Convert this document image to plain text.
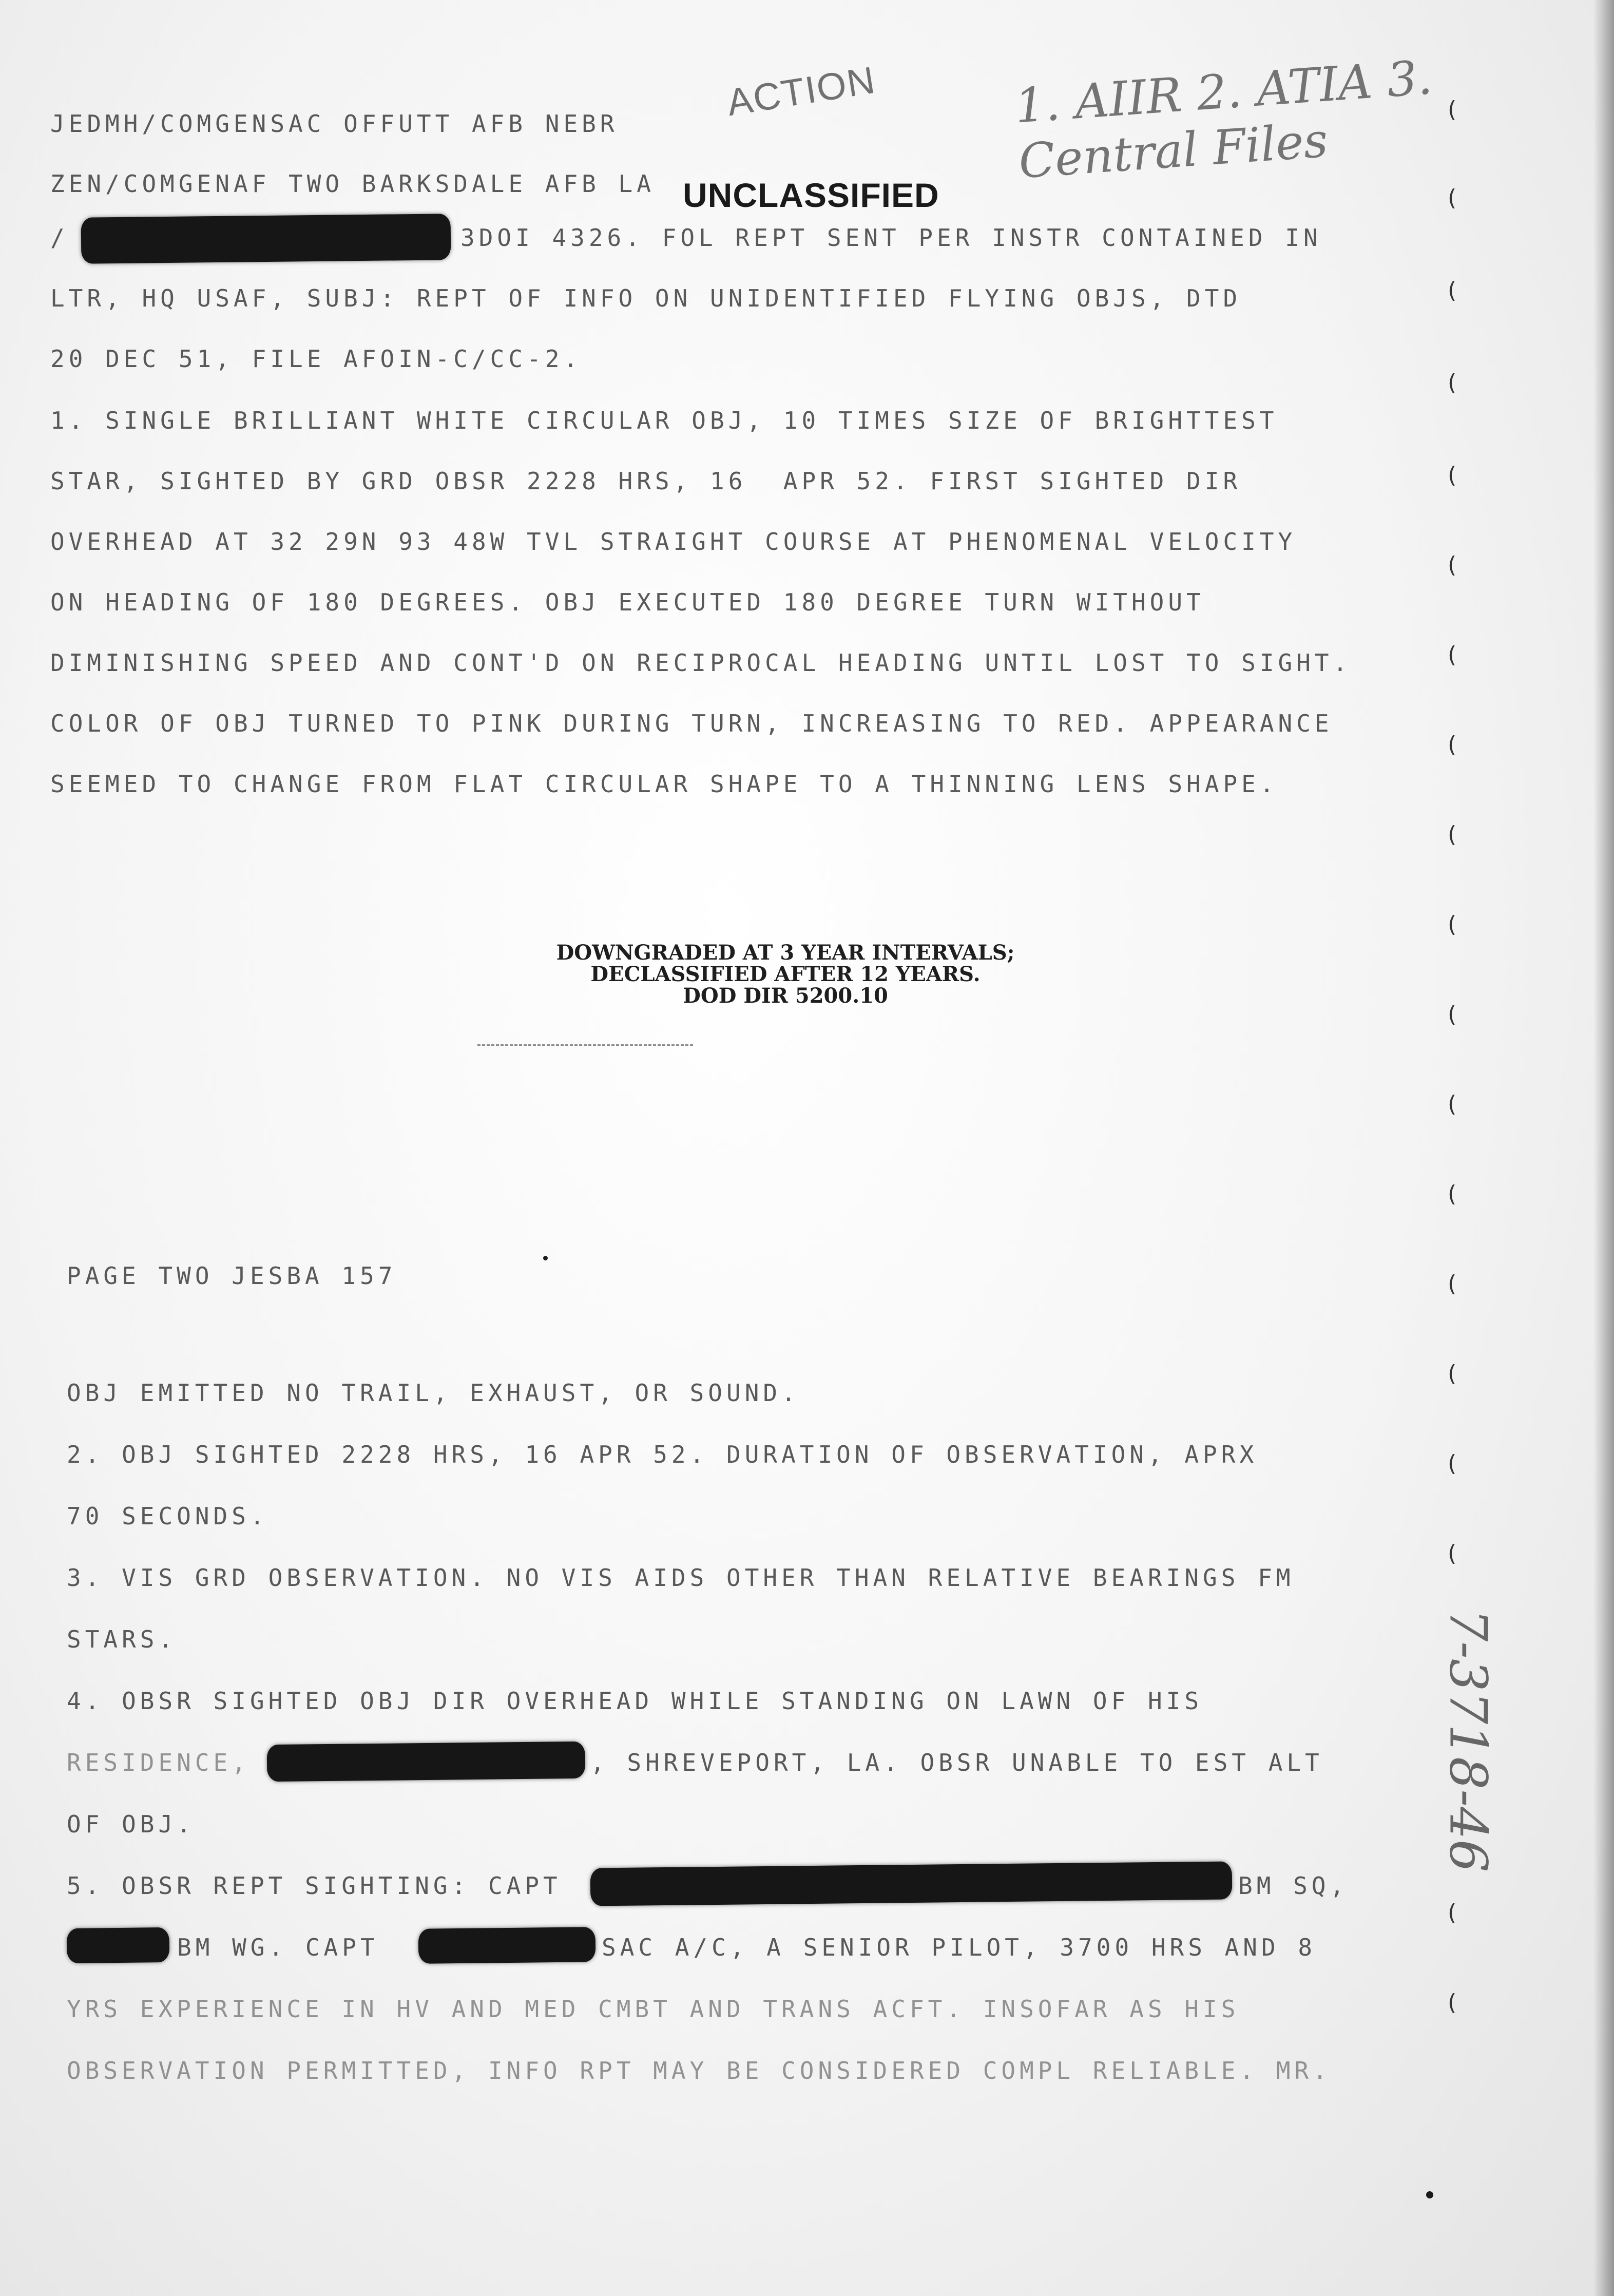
JEDMH/COMGENSAC OFFUTT AFB NEBR
ZEN/COMGENAF TWO BARKSDALE AFB LA
ACTION
UNCLASSIFIED
1. AIIR 2. ATIA 3. Central Files
/	3DOI 4326. FOL REPT SENT PER INSTR CONTAINED IN
LTR, HQ USAF, SUBJ: REPT OF INFO ON UNIDENTIFIED FLYING OBJS, DTD
20 DEC 51, FILE AFOIN-C/CC-2.
1. SINGLE BRILLIANT WHITE CIRCULAR OBJ, 10 TIMES SIZE OF BRIGHTTEST
STAR, SIGHTED BY GRD OBSR 2228 HRS, 16  APR 52. FIRST SIGHTED DIR
OVERHEAD AT 32 29N 93 48W TVL STRAIGHT COURSE AT PHENOMENAL VELOCITY
ON HEADING OF 180 DEGREES. OBJ EXECUTED 180 DEGREE TURN WITHOUT
DIMINISHING SPEED AND CONT'D ON RECIPROCAL HEADING UNTIL LOST TO SIGHT.
COLOR OF OBJ TURNED TO PINK DURING TURN, INCREASING TO RED. APPEARANCE
SEEMED TO CHANGE FROM FLAT CIRCULAR SHAPE TO A THINNING LENS SHAPE.
DOWNGRADED AT 3 YEAR INTERVALS;
DECLASSIFIED AFTER 12 YEARS.
DOD DIR 5200.10
PAGE TWO JESBA 157
OBJ EMITTED NO TRAIL, EXHAUST, OR SOUND.
2. OBJ SIGHTED 2228 HRS, 16 APR 52. DURATION OF OBSERVATION, APRX
70 SECONDS.
3. VIS GRD OBSERVATION. NO VIS AIDS OTHER THAN RELATIVE BEARINGS FM
STARS.
4. OBSR SIGHTED OBJ DIR OVERHEAD WHILE STANDING ON LAWN OF HIS
RESIDENCE,	, SHREVEPORT, LA. OBSR UNABLE TO EST ALT
OF OBJ.
5. OBSR REPT SIGHTING: CAPT	BM SQ,
BM WG. CAPT	SAC A/C, A SENIOR PILOT, 3700 HRS AND 8
YRS EXPERIENCE IN HV AND MED CMBT AND TRANS ACFT. INSOFAR AS HIS
OBSERVATION PERMITTED, INFO RPT MAY BE CONSIDERED COMPL RELIABLE. MR.
(
(
(
(
(
(
(
(
(
(
(
(
(
(
(
(
(
(
(
7-3718-46
